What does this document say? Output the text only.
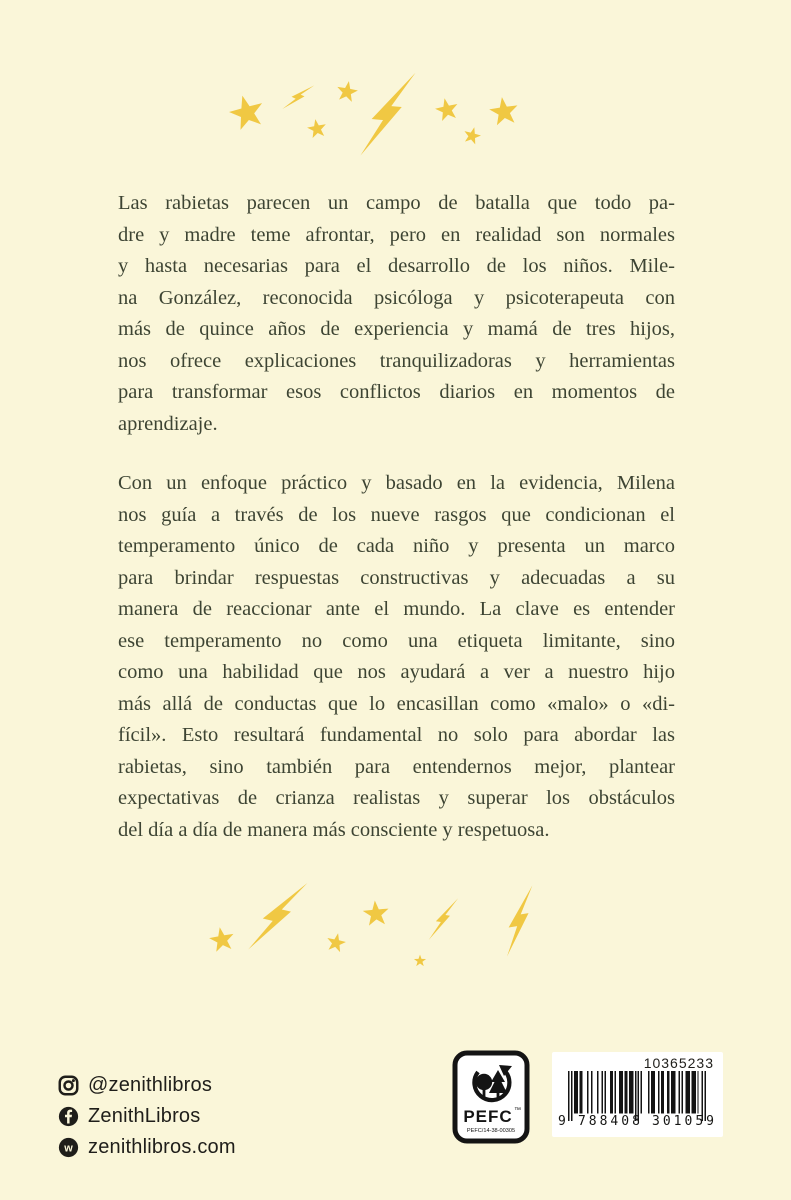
Las rabietas parecen un campo de batalla que todo pa-
dre y madre teme afrontar, pero en realidad son normales
y hasta necesarias para el desarrollo de los niños. Mile-
na González, reconocida psicóloga y psicoterapeuta con
más de quince años de experiencia y mamá de tres hijos,
nos ofrece explicaciones tranquilizadoras y herramientas
para transformar esos conflictos diarios en momentos de
aprendizaje.
Con un enfoque práctico y basado en la evidencia, Milena
nos guía a través de los nueve rasgos que condicionan el
temperamento único de cada niño y presenta un marco
para brindar respuestas constructivas y adecuadas a su
manera de reaccionar ante el mundo. La clave es entender
ese temperamento no como una etiqueta limitante, sino
como una habilidad que nos ayudará a ver a nuestro hijo
más allá de conductas que lo encasillan como «malo» o «di-
fícil». Esto resultará fundamental no solo para abordar las
rabietas, sino también para entendernos mejor, plantear
expectativas de crianza realistas y superar los obstáculos
del día a día de manera más consciente y respetuosa.
@zenithlibros
ZenithLibros
w zenithlibros.com
PEFC ™
PEFC/14-38-00305
10365233
9 788408 301059
